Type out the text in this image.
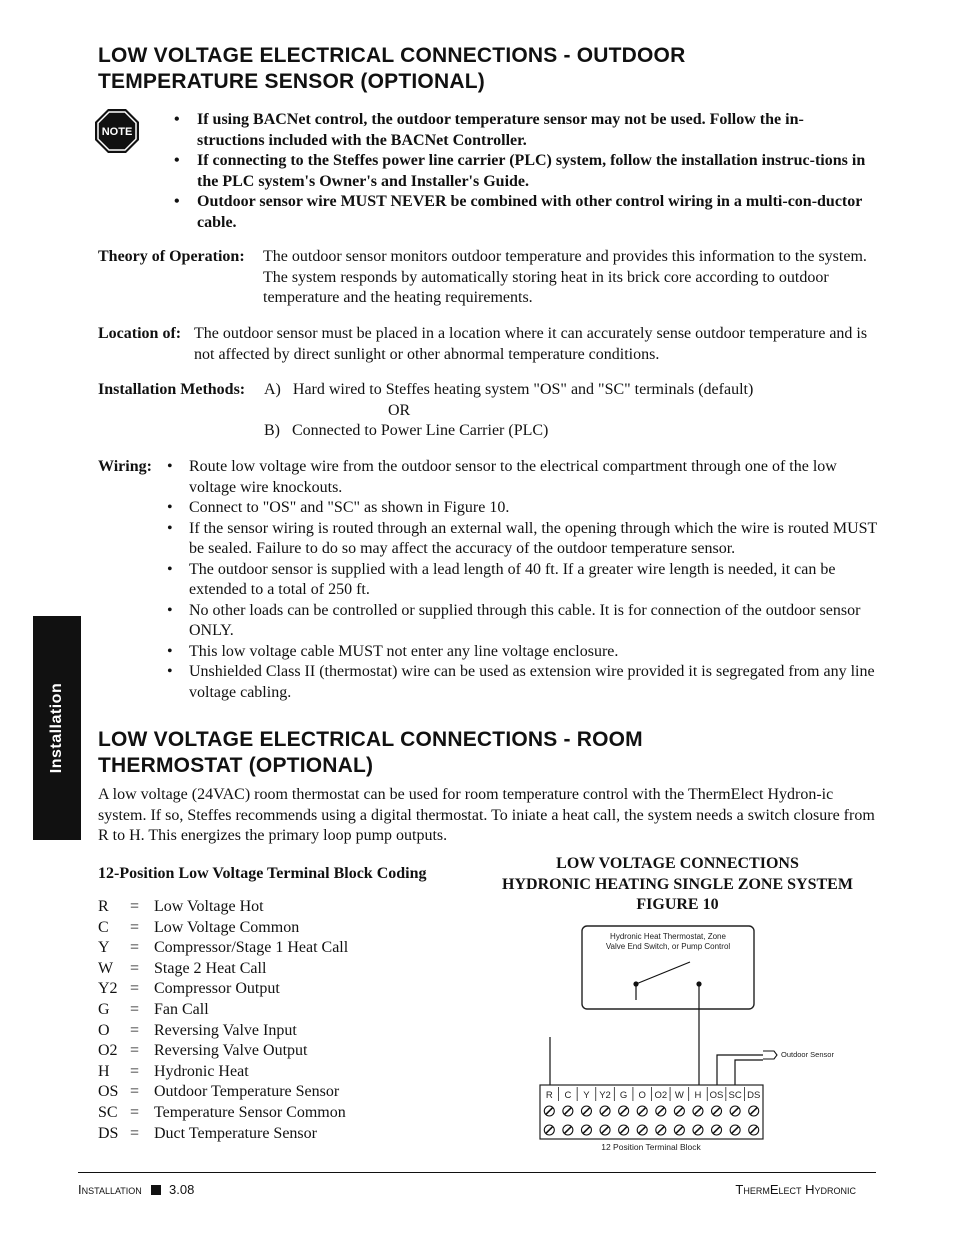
LOW VOLTAGE ELECTRICAL CONNECTIONS - OUTDOOR
TEMPERATURE SENSOR (OPTIONAL)
NOTE
• If using BACNet control, the outdoor temperature sensor may not be used. Follow the in-structions included with the BACNet Controller.
• If connecting to the Steffes power line carrier (PLC) system, follow the installation instruc-tions in the PLC system's Owner's and Installer's Guide.
• Outdoor sensor wire MUST NEVER be combined with other control wiring in a multi-con-ductor cable.
Theory of Operation: The outdoor sensor monitors outdoor temperature and provides this information to the system. The system responds by automatically storing heat in its brick core according to outdoor temperature and the heating requirements.
Location of: The outdoor sensor must be placed in a location where it can accurately sense outdoor temperature and is not affected by direct sunlight or other abnormal temperature conditions.
Installation Methods: A)   Hard wired to Steffes heating system "OS" and "SC" terminals (default)
OR
B)   Connected to Power Line Carrier (PLC)
Wiring:
•	Route low voltage wire from the outdoor sensor to the electrical compartment through one of the low voltage wire knockouts.
• Connect to "OS" and "SC" as shown in Figure 10.
• If the sensor wiring is routed through an external wall, the opening through which the wire is routed MUST be sealed. Failure to do so may affect the accuracy of the outdoor temperature sensor.
• The outdoor sensor is supplied with a lead length of 40 ft. If a greater wire length is needed, it can be extended to a total of 250 ft.
• No other loads can be controlled or supplied through this cable. It is for connection of the outdoor sensor ONLY.
• This low voltage cable MUST not enter any line voltage enclosure.
• Unshielded Class II (thermostat) wire can be used as extension wire provided it is segregated from any line voltage cabling.
Installation LOW VOLTAGE ELECTRICAL CONNECTIONS - ROOM
THERMOSTAT (OPTIONAL)
A low voltage (24VAC) room thermostat can be used for room temperature control with the ThermElect Hydron-ic system. If so, Steffes recommends using a digital thermostat. To iniate a heat call, the system needs a switch closure from R to H. This energizes the primary loop pump outputs.
12-Position Low Voltage Terminal Block Coding
R	= Low Voltage Hot
C	= Low Voltage Common
Y	= Compressor/Stage 1 Heat Call
W	= Stage 2 Heat Call
Y2 = Compressor Output
G	= Fan Call
O	= Reversing Valve Input
O2 = Reversing Valve Output
H	= Hydronic Heat
OS = Outdoor Temperature Sensor
SC = Temperature Sensor Common
DS = Duct Temperature Sensor
LOW VOLTAGE CONNECTIONS
HYDRONIC HEATING SINGLE ZONE SYSTEM
FIGURE 10
Hydronic Heat Thermostat, Zone
Valve End Switch, or Pump Control
Outdoor Sensor
R C Y Y2 G O O2 W H OS SC DS
12 Position Terminal Block
Installation 3.08	ThermElect Hydronic
